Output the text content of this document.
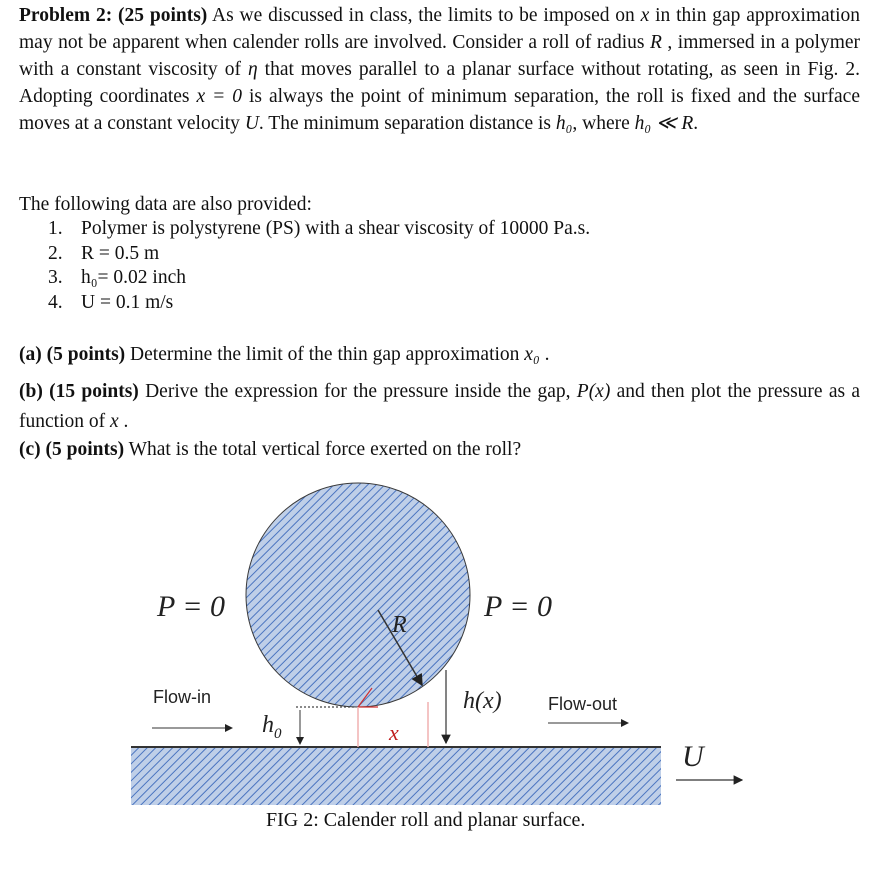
Problem 2: (25 points) As we discussed in class, the limits to be imposed on x in thin gap approximation may not be apparent when calender rolls are involved. Consider a roll of radius R , immersed in a polymer with a constant viscosity of η that moves parallel to a planar surface without rotating, as seen in Fig. 2. Adopting coordinates x = 0 is always the point of minimum separation, the roll is fixed and the surface moves at a constant velocity U. The minimum separation distance is h₀, where h₀ ≪ R.
The following data are also provided:
1. Polymer is polystyrene (PS) with a shear viscosity of 10000 Pa.s.
2. R = 0.5 m
3. h₀= 0.02 inch
4. U = 0.1 m/s
(a) (5 points) Determine the limit of the thin gap approximation x₀ .
(b) (15 points) Derive the expression for the pressure inside the gap, P(x) and then plot the pressure as a function of x .
(c) (5 points) What is the total vertical force exerted on the roll?
R
$h_0$	x
h(x)
P = 0	P = 0
Flow-in	Flow-out
U
FIG 2: Calender roll and planar surface.
